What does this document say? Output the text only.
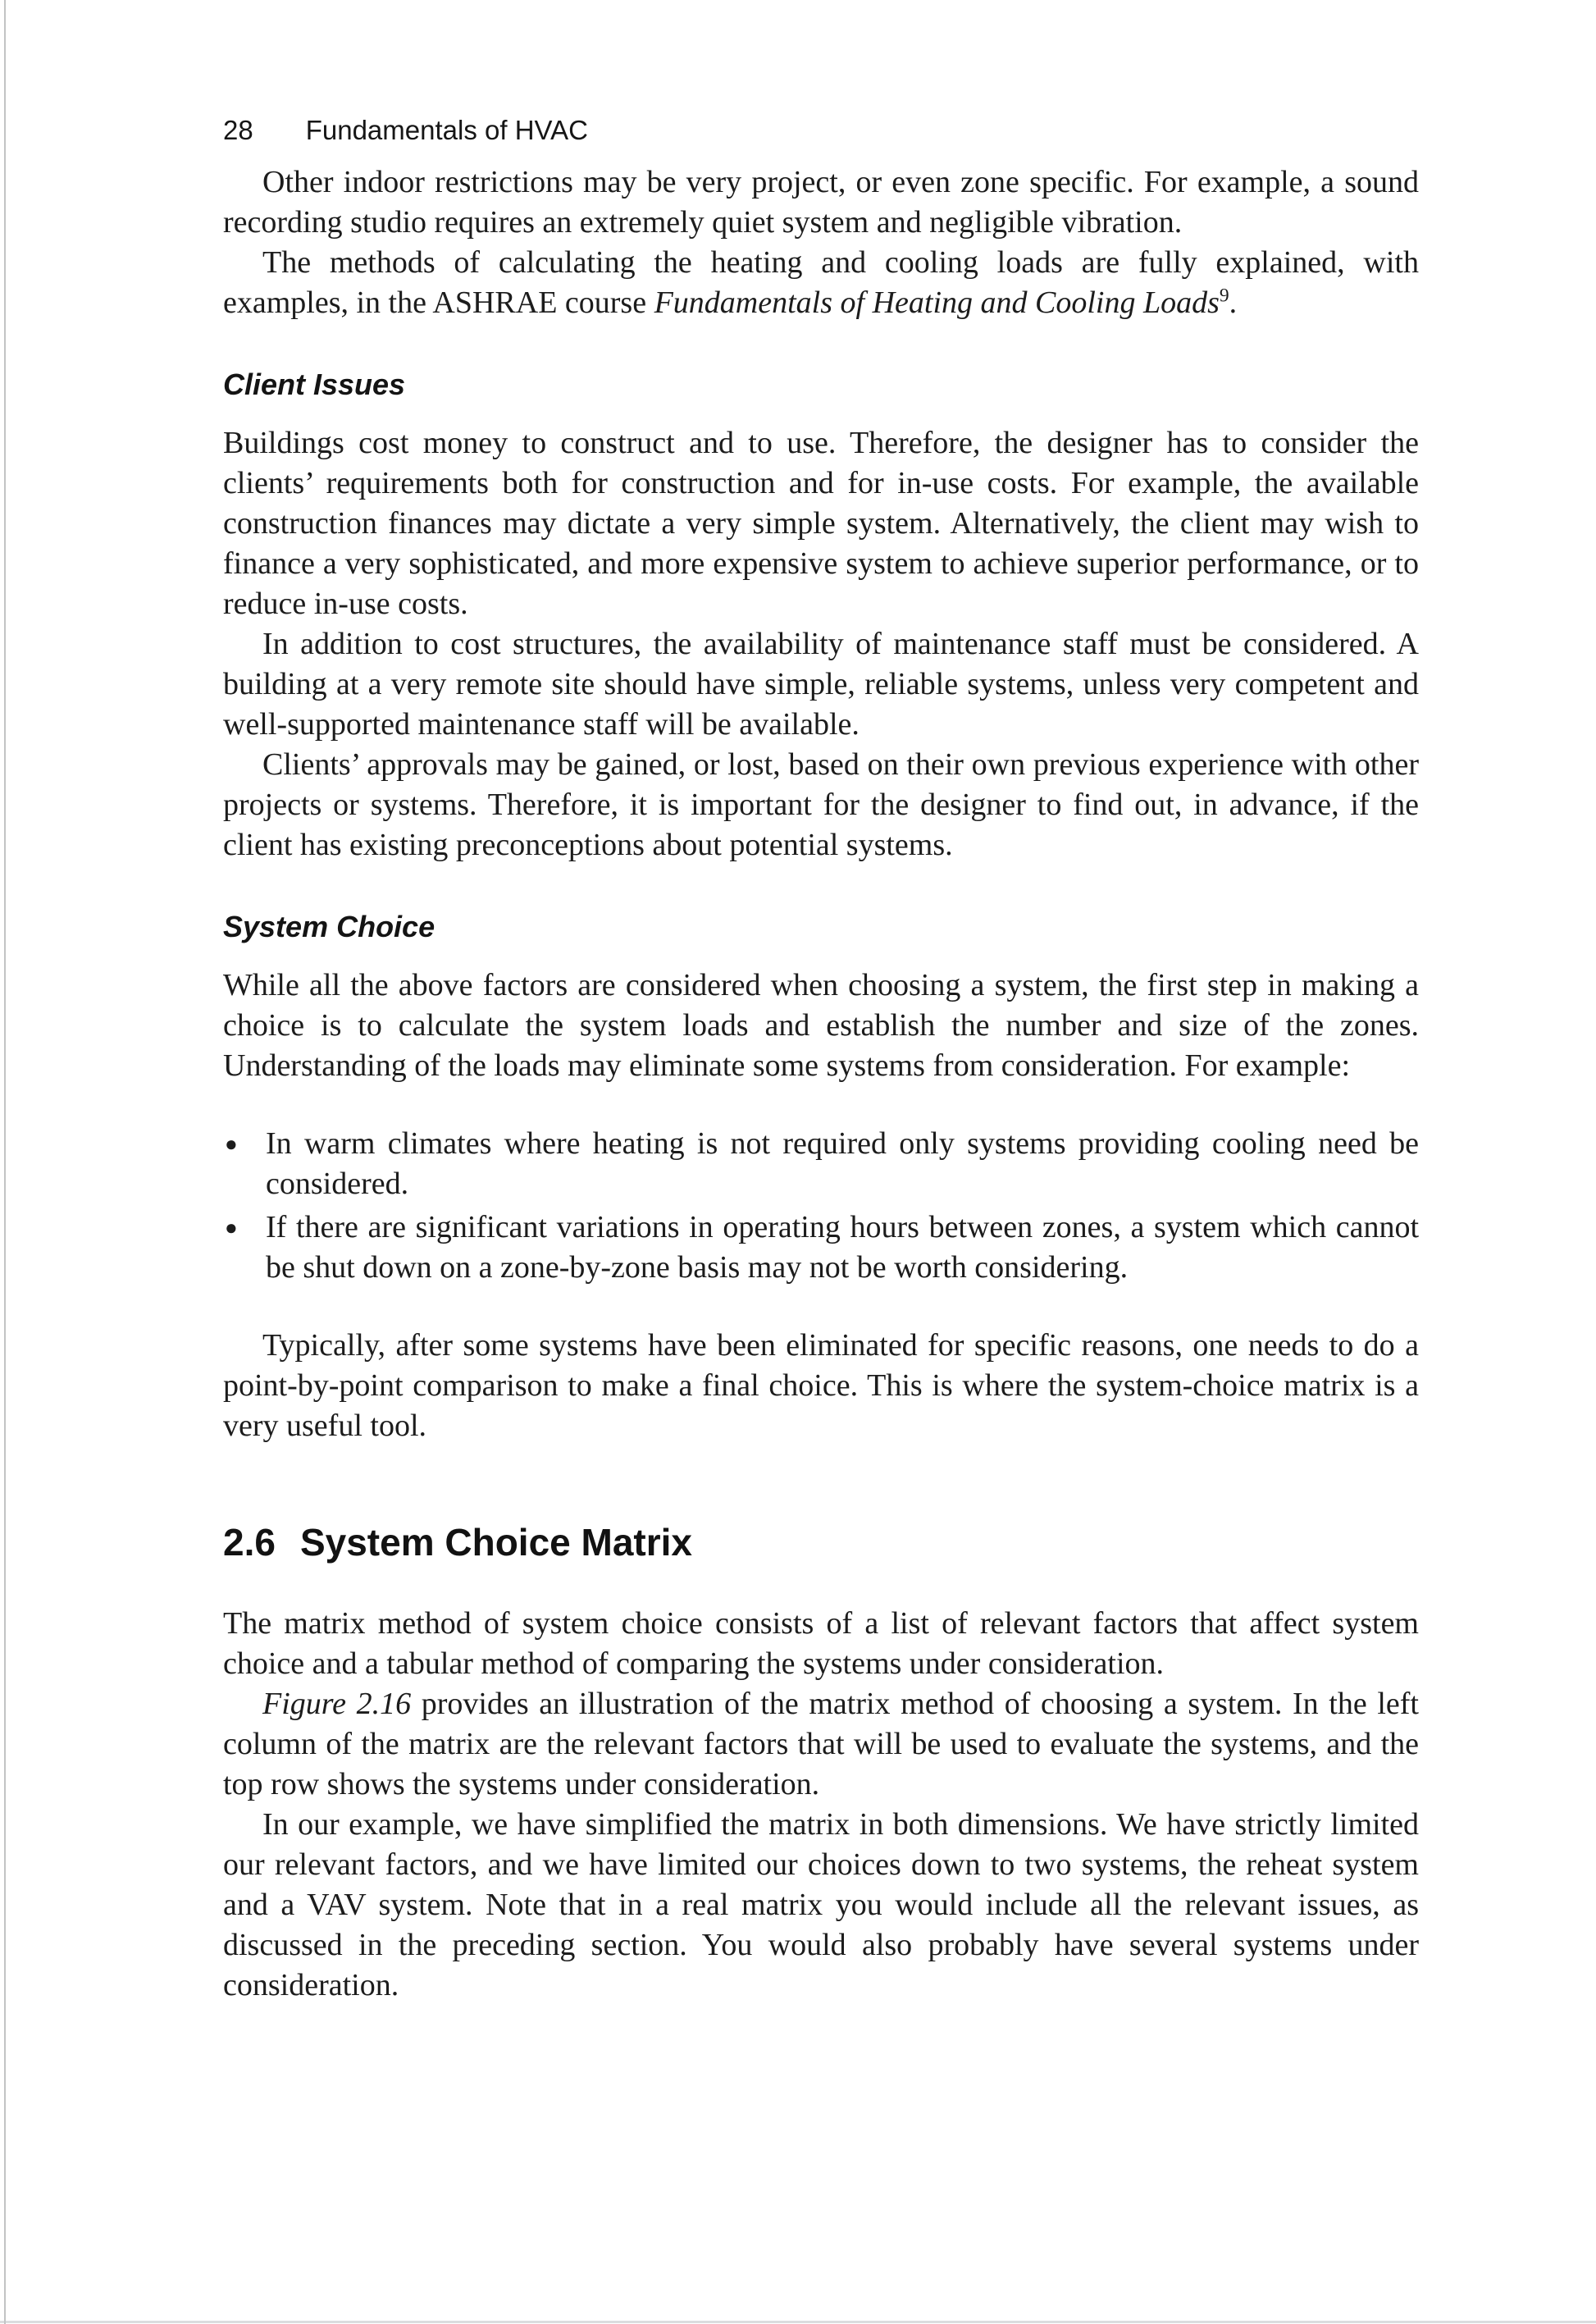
28 Fundamentals of HVAC

Other indoor restrictions may be very project, or even zone specific. For example, a sound recording studio requires an extremely quiet system and negligible vibration.

The methods of calculating the heating and cooling loads are fully explained, with examples, in the ASHRAE course Fundamentals of Heating and Cooling Loads$^9$.

Client Issues

Buildings cost money to construct and to use. Therefore, the designer has to consider the clients’ requirements both for construction and for in-use costs. For example, the available construction finances may dictate a very simple system. Alternatively, the client may wish to finance a very sophisticated, and more expensive system to achieve superior performance, or to reduce in-use costs.

In addition to cost structures, the availability of maintenance staff must be considered. A building at a very remote site should have simple, reliable systems, unless very competent and well-supported maintenance staff will be available.

Clients’ approvals may be gained, or lost, based on their own previous experience with other projects or systems. Therefore, it is important for the designer to find out, in advance, if the client has existing preconceptions about potential systems.

System Choice

While all the above factors are considered when choosing a system, the first step in making a choice is to calculate the system loads and establish the number and size of the zones. Understanding of the loads may eliminate some systems from consideration. For example:

● In warm climates where heating is not required only systems providing cooling need be considered.
● If there are significant variations in operating hours between zones, a system which cannot be shut down on a zone-by-zone basis may not be worth considering.

Typically, after some systems have been eliminated for specific reasons, one needs to do a point-by-point comparison to make a final choice. This is where the system-choice matrix is a very useful tool.

2.6 System Choice Matrix

The matrix method of system choice consists of a list of relevant factors that affect system choice and a tabular method of comparing the systems under consideration.

Figure 2.16 provides an illustration of the matrix method of choosing a system. In the left column of the matrix are the relevant factors that will be used to evaluate the systems, and the top row shows the systems under consideration.

In our example, we have simplified the matrix in both dimensions. We have strictly limited our relevant factors, and we have limited our choices down to two systems, the reheat system and a VAV system. Note that in a real matrix you would include all the relevant issues, as discussed in the preceding section. You would also probably have several systems under consideration.
